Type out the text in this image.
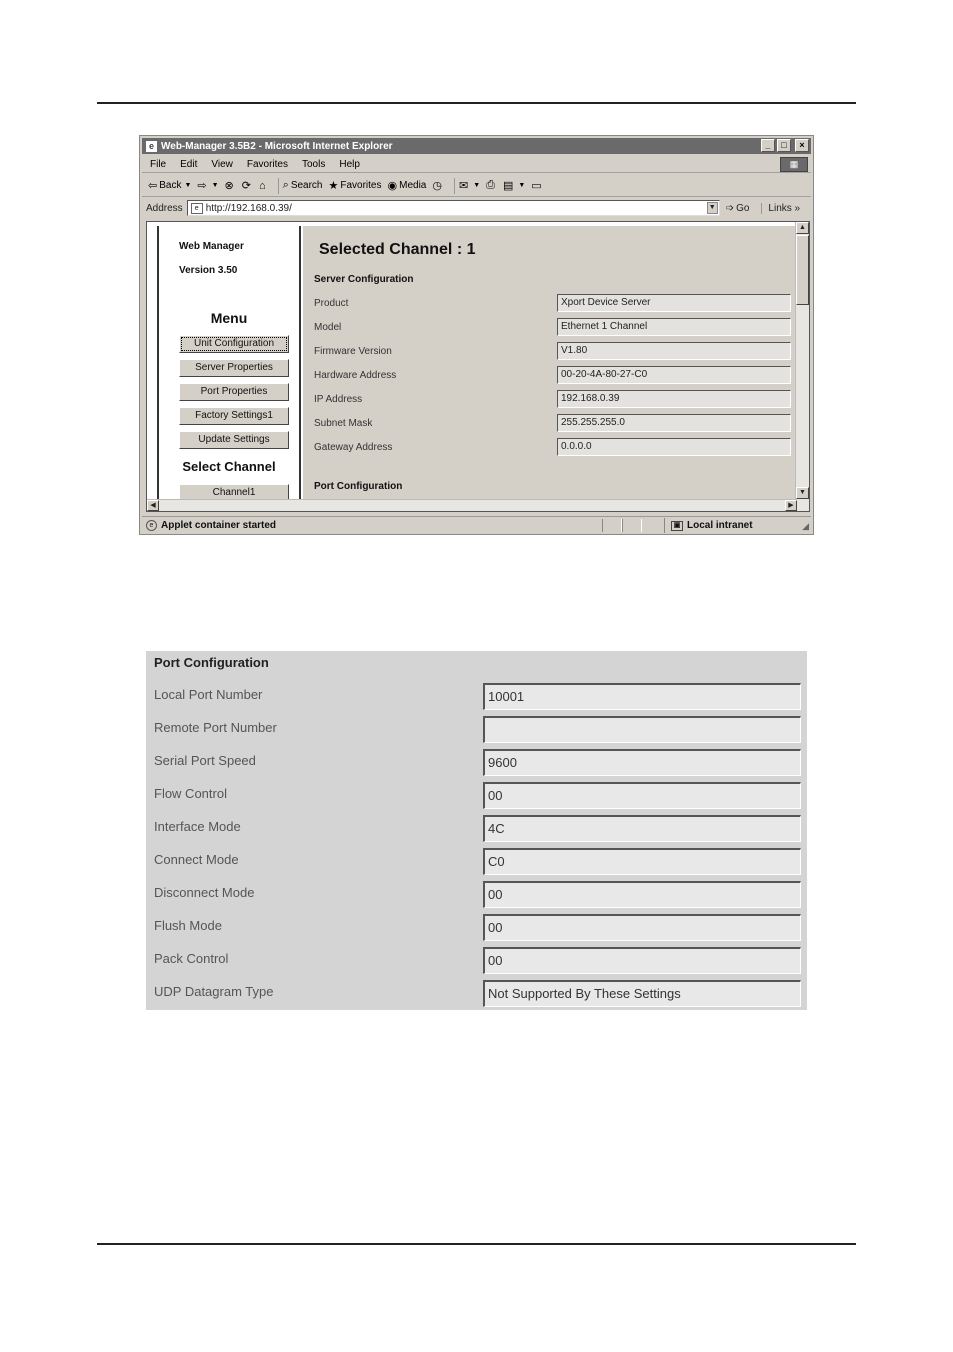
e Web-Manager 3.5B2 - Microsoft Internet Explorer	_	□	×
File	Edit	View	Favorites	Tools	Help	▦
⇦ Back ▼ ⇨ ▼ ⊗ ⟳ ⌂ ⌕ Search ★ Favorites ◉ Media ◷ ✉ ▼ ⎙ ▤ ▼ ▭
Address	e http://192.168.0.39/	▼ ➩ Go	Links »
Web Manager
Version 3.50
Menu
Unit Configuration
Server Properties
Port Properties
Factory Settings1
Update Settings
Select Channel
Channel1
Selected Channel : 1
Server Configuration
Product	Xport Device Server
Model	Ethernet 1 Channel
Firmware Version	V1.80
Hardware Address	00-20-4A-80-27-C0
IP Address	192.168.0.39
Subnet Mask	255.255.255.0
Gateway Address	0.0.0.0
Port Configuration
▲
▼
◀	▶
e Applet container started	▣ Local intranet	◢
Port Configuration
Local Port Number	10001
Remote Port Number
Serial Port Speed	9600
Flow Control	00
Interface Mode	4C
Connect Mode	C0
Disconnect Mode	00
Flush Mode	00
Pack Control	00
UDP Datagram Type	Not Supported By These Settings
